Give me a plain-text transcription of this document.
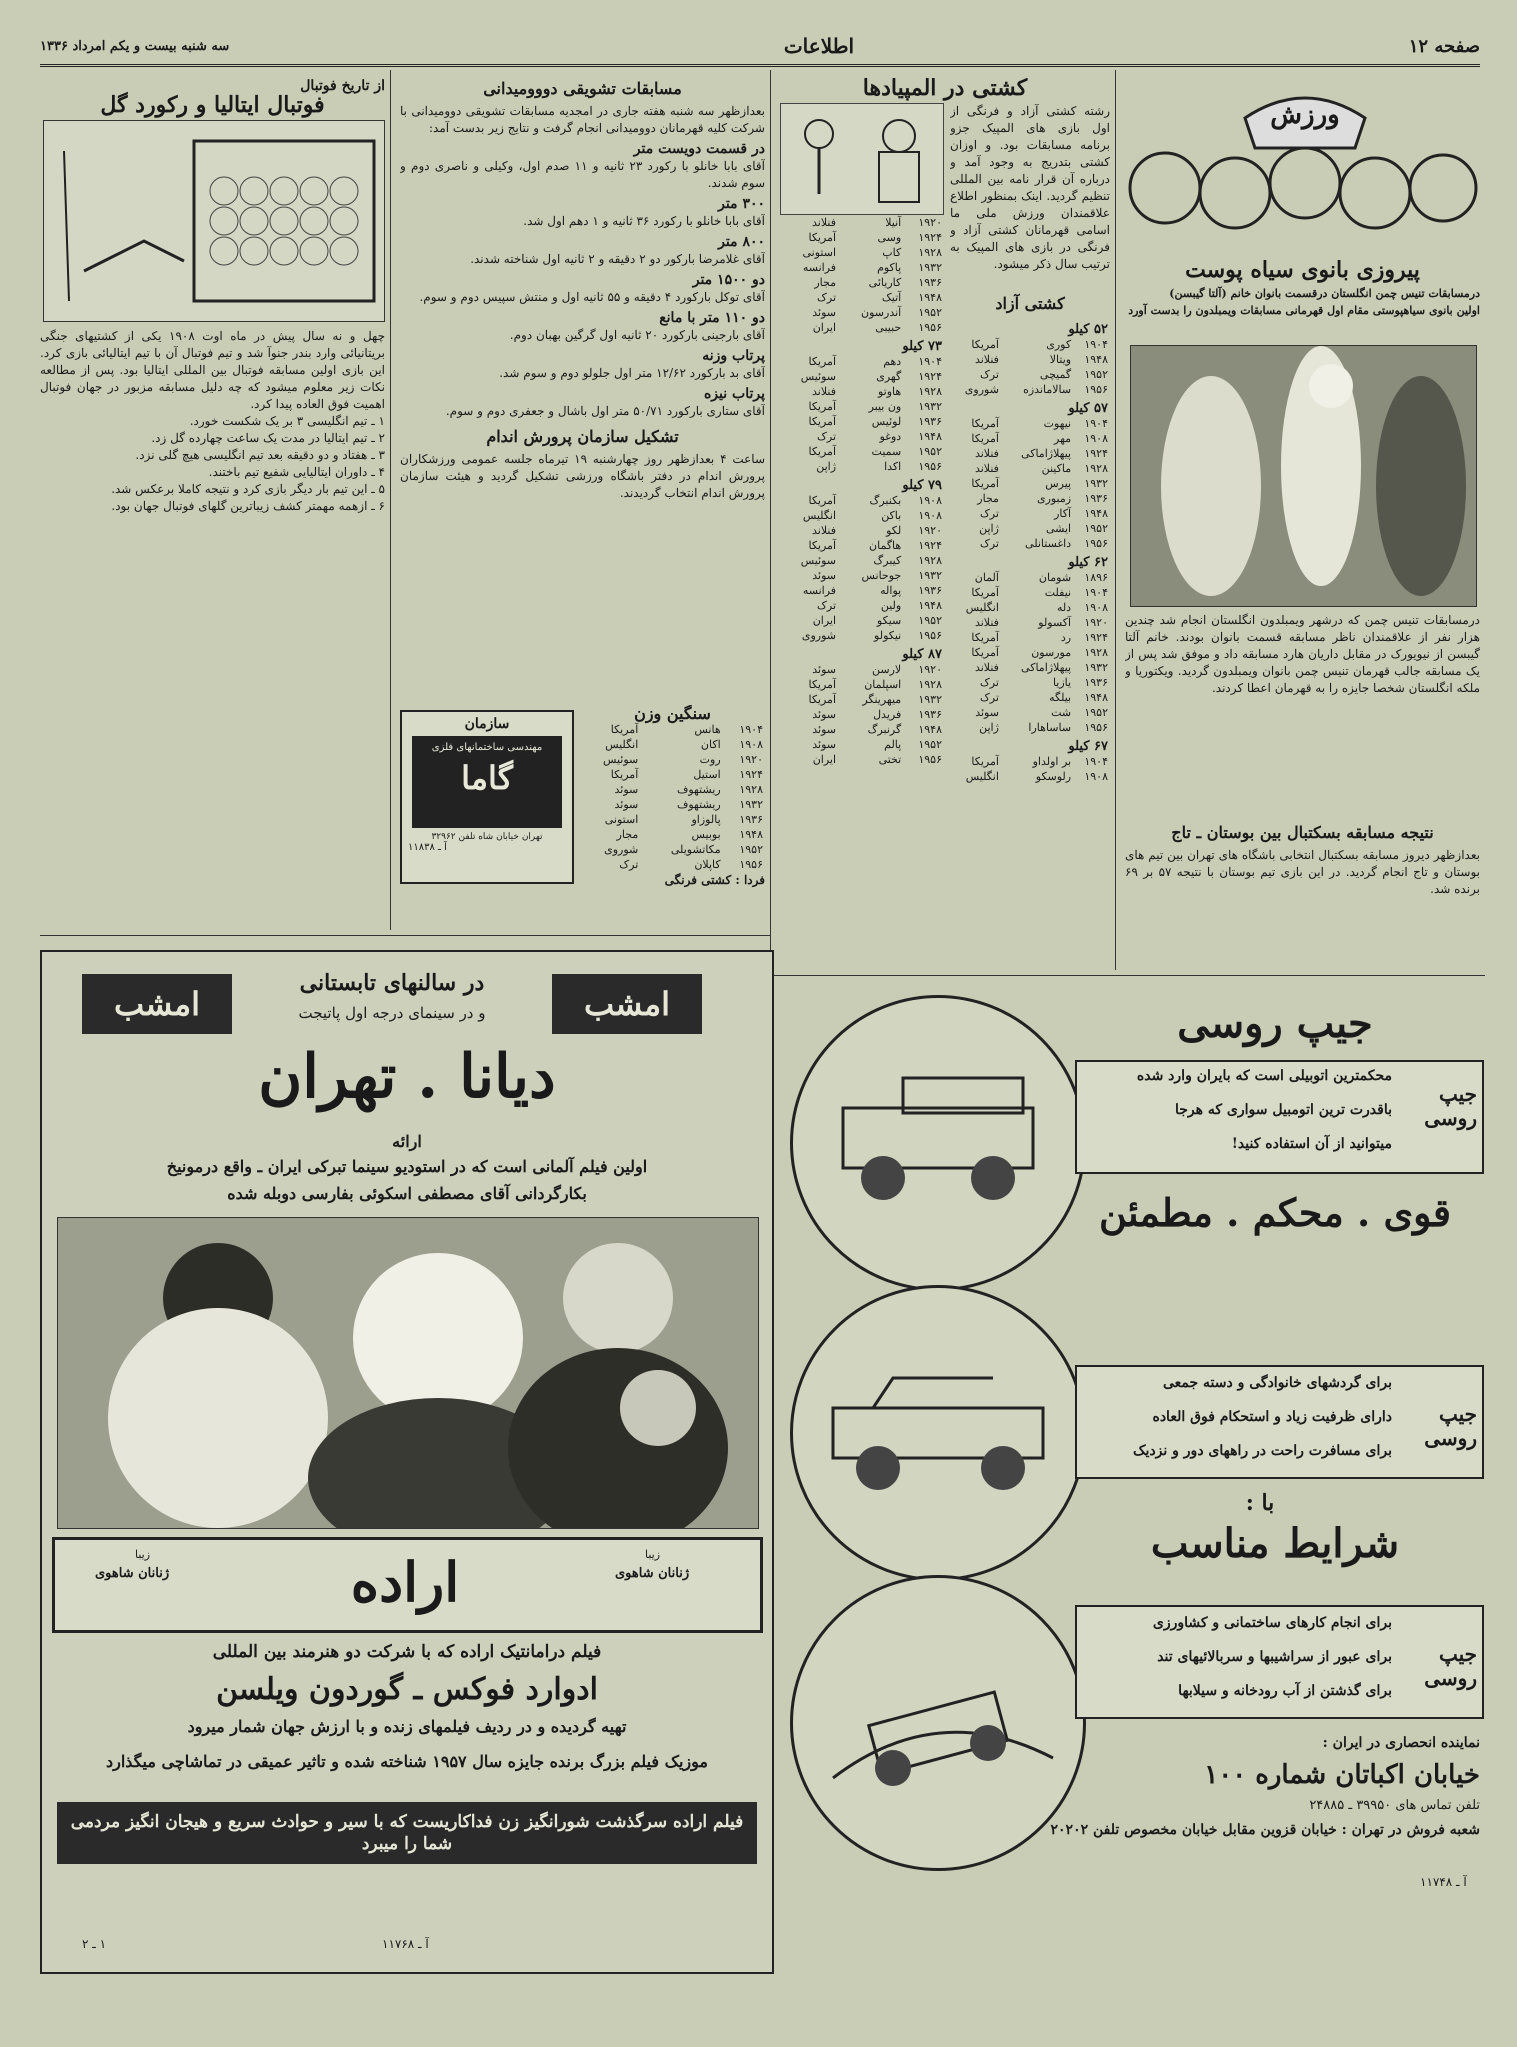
صفحه ۱۲
اطلاعات
سه شنبه بیست و یکم امرداد ۱۳۳۶
ورزش
پیروزی بانوی سیاه پوست
درمسابقات تنیس چمن انگلستان درقسمت بانوان خانم (آلتا گیبسن)
اولین بانوی سیاهپوستی مقام اول قهرمانی مسابقات ویمبلدون را بدست آورد
درمسابقات تنیس چمن که درشهر ویمبلدون انگلستان انجام شد چندین هزار نفر از علاقمندان ناظر مسابقه قسمت بانوان بودند. خانم آلتا گیبسن از نیویورک در مقابل داریان هارد مسابقه داد و موفق شد پس از یک مسابقه جالب قهرمان تنیس چمن بانوان ویمبلدون گردید. ویکتوریا و ملکه انگلستان شخصا جایزه را به قهرمان اعطا کردند.
نتیجه مسابقه بسکتبال بین بوستان ـ تاج
بعدازظهر دیروز مسابقه بسکتبال انتخابی باشگاه های تهران بین تیم های بوستان و تاج انجام گردید. در این بازی تیم بوستان با نتیجه ۵۷ بر ۶۹ برنده شد.
کشتی در المپیادها
رشته کشتی آزاد و فرنگی از اول بازی های المپیک جزو برنامه مسابقات بود. و اوزان کشتی بتدریج به وجود آمد و درباره آن قرار نامه بین المللی تنظیم گردید. اینک بمنظور اطلاع علاقمندان ورزش ملی ما اسامی قهرمانان کشتی آزاد و فرنگی در بازی های المپیک به ترتیب سال ذکر میشود.
کشتی آزاد
۵۲ کیلو		
۱۹۰۴	کوری	آمریکا
۱۹۴۸	ویتالا	فنلاند
۱۹۵۲	گمیچی	ترک
۱۹۵۶	سالاماندزه	شوروی
۵۷ کیلو		
۱۹۰۴	نیهوت	آمریکا
۱۹۰۸	مهر	آمریکا
۱۹۲۴	پیهلاژاماکی	فنلاند
۱۹۲۸	ماکینن	فنلاند
۱۹۳۲	پیرس	آمریکا
۱۹۳۶	زمبوری	مجار
۱۹۴۸	آکار	ترک
۱۹۵۲	ایشی	ژاپن
۱۹۵۶	داغستانلی	ترک
۶۲ کیلو		
۱۸۹۶	شومان	آلمان
۱۹۰۴	نیفلت	آمریکا
۱۹۰۸	دله	انگلیس
۱۹۲۰	آکسولو	فنلاند
۱۹۲۴	رد	آمریکا
۱۹۲۸	مورسون	آمریکا
۱۹۳۲	پیهلاژاماکی	فنلاند
۱۹۳۶	یازیا	ترک
۱۹۴۸	بیلگه	ترک
۱۹۵۲	شت	سوئد
۱۹۵۶	ساساهارا	ژاپن
۶۷ کیلو		
۱۹۰۴	بر اولداو	آمریکا
۱۹۰۸	رلوسکو	انگلیس
۱۹۲۰	آنیلا	فنلاند
۱۹۲۴	وسی	آمریکا
۱۹۲۸	کاپ	استونی
۱۹۳۲	پاکوم	فرانسه
۱۹۳۶	کاریائی	مجار
۱۹۴۸	آتیک	ترک
۱۹۵۲	آندرسون	سوئد
۱۹۵۶	حبیبی	ایران
۷۳ کیلو		
۱۹۰۴	دهم	آمریکا
۱۹۲۴	گهری	سوئیس
۱۹۲۸	هاوتو	فنلاند
۱۹۳۲	ون بیبر	آمریکا
۱۹۳۶	لوئیس	آمریکا
۱۹۴۸	دوغو	ترک
۱۹۵۲	سمیت	آمریکا
۱۹۵۶	اکدا	ژاپن
۷۹ کیلو		
۱۹۰۸	بکنبرگ	آمریکا
۱۹۰۸	باکن	انگلیس
۱۹۲۰	لکو	فنلاند
۱۹۲۴	هاگمان	آمریکا
۱۹۲۸	کیبرگ	سوئیس
۱۹۳۲	جوحانس	سوئد
۱۹۳۶	پواله	فرانسه
۱۹۴۸	ولین	ترک
۱۹۵۲	سیکو	ایران
۱۹۵۶	نیکولو	شوروی
۸۷ کیلو		
۱۹۲۰	لارسن	سوئد
۱۹۲۸	اسپلمان	آمریکا
۱۹۳۲	میهرینگر	آمریکا
۱۹۳۶	فریدل	سوئد
۱۹۴۸	گرنبرگ	سوئد
۱۹۵۲	پالم	سوئد
۱۹۵۶	تختی	ایران
مسابقات تشویقی دووومیدانی
بعدازظهر سه شنبه هفته جاری در امجدیه مسابقات تشویقی دوومیدانی با شرکت کلیه قهرمانان دوومیدانی انجام گرفت و نتایج زیر بدست آمد:
در قسمت دویست متر
آقای بابا خانلو با رکورد ۲۳ ثانیه و ۱۱ صدم اول، وکیلی و ناصری دوم و سوم شدند.
۳۰۰ متر
آقای بابا خانلو با رکورد ۳۶ ثانیه و ۱ دهم اول شد.
۸۰۰ متر
آقای غلامرضا بارکور دو ۲ دقیقه و ۲ ثانیه اول شناخته شدند.
دو ۱۵۰۰ متر
آقای توکل بارکورد ۴ دقیقه و ۵۵ ثانیه اول و منتش سپیس دوم و سوم.
دو ۱۱۰ متر با مانع
آقای بارجینی بارکورد ۲۰ ثانیه اول گرگین بهبان دوم.
پرتاب وزنه
آقای بد بارکورد ۱۲/۶۲ متر اول جلولو دوم و سوم شد.
پرتاب نیزه
آقای ستاری بارکورد ۵۰/۷۱ متر اول باشال و جعفری دوم و سوم.
تشکیل سازمان پرورش اندام
ساعت ۴ بعدازظهر روز چهارشنبه ۱۹ تیرماه جلسه عمومی ورزشکاران پرورش اندام در دفتر باشگاه ورزشی تشکیل گردید و هیئت سازمان پرورش اندام انتخاب گردیدند.
سنگین وزن
۱۹۰۴	هانس	آمریکا
۱۹۰۸	اکان	انگلیس
۱۹۲۰	روت	سوئیس
۱۹۲۴	استیل	آمریکا
۱۹۲۸	ریشتهوف	سوئد
۱۹۳۲	ریشتهوف	سوئد
۱۹۳۶	پالوزاو	استونی
۱۹۴۸	بوبیس	مجار
۱۹۵۲	مکاتشویلی	شوروی
۱۹۵۶	کاپلان	ترک
فردا : کشتی فرنگی
سازمان
مهندسی ساختمانهای فلزی
گاما
تهران خیابان شاه تلفن ۳۲۹۶۲
آ ـ ۱۱۸۳۸
از تاریخ فوتبال
فوتبال ایتالیا و رکورد گل
چهل و نه سال پیش در ماه اوت ۱۹۰۸ یکی از کشتیهای جنگی بریتانیائی وارد بندر جنوآ شد و تیم فوتبال آن با تیم ایتالیائی بازی کرد. این بازی اولین مسابقه فوتبال بین المللی ایتالیا بود. پس از مطالعه نکات زیر معلوم میشود که چه دلیل مسابقه مزبور در جهان فوتبال اهمیت فوق العاده پیدا کرد.
۱ ـ تیم انگلیسی ۳ بر یک شکست خورد.
۲ ـ تیم ایتالیا در مدت یک ساعت چهارده گل زد.
۳ ـ هفتاد و دو دقیقه بعد تیم انگلیسی هیچ گلی نزد.
۴ ـ داوران ایتالیایی شفیع تیم باختند.
۵ ـ این تیم بار دیگر بازی کرد و نتیجه کاملا برعکس شد.
۶ ـ ازهمه مهمتر کشف زیباترین گلهای فوتبال جهان بود.
امشب	امشب
در سالنهای تابستانی
و در سینمای درجه اول پاتیجت
دیانا . تهران
ارائه
اولین فیلم آلمانی است که در استودیو سینما تبرکی ایران ـ واقع درمونیخ
بکارگردانی آقای مصطفی اسکوئی بفارسی دوبله شده
زیبا
ژنانان شاهوی	اراده	زیبا
ژنانان شاهوی
فیلم درامانتیک اراده که با شرکت دو هنرمند بین المللی
ادوارد فوکس ـ گوردون ویلسن
تهیه گردیده و در ردیف فیلمهای زنده و با ارزش جهان شمار میرود
موزیک فیلم بزرگ برنده جایزه سال ۱۹۵۷ شناخته شده و تاثیر عمیقی در تماشاچی میگذارد
فیلم اراده سرگذشت شورانگیز زن فداکاریست که با سیر و حوادث سریع و هیجان انگیز مردمی شما را میبرد
آ ـ ۱۱۷۶۸
۱ ـ ۲
جیپ روسی
جیپ روسی
محکمترین اتوبیلی است که بایران وارد شده
باقدرت ترین اتومبیل سواری که هرجا
میتوانید از آن استفاده کنید!
قوی . محکم . مطمئن
جیپ روسی
برای گردشهای خانوادگی و دسته جمعی
دارای ظرفیت زیاد و استحکام فوق العاده
برای مسافرت راحت در راههای دور و نزدیک
با :
شرایط مناسب
جیپ روسی
برای انجام کارهای ساختمانی و کشاورزی
برای عبور از سراشیبها و سربالائیهای تند
برای گذشتن از آب رودخانه و سیلابها
نماینده انحصاری در ایران :
خیابان اکباتان شماره ۱۰۰
تلفن تماس های ۳۹۹۵۰ ـ ۲۴۸۸۵
شعبه فروش در تهران : خیابان قزوین مقابل خیابان مخصوص تلفن ۲۰۲۰۲
آ ـ ۱۱۷۴۸
